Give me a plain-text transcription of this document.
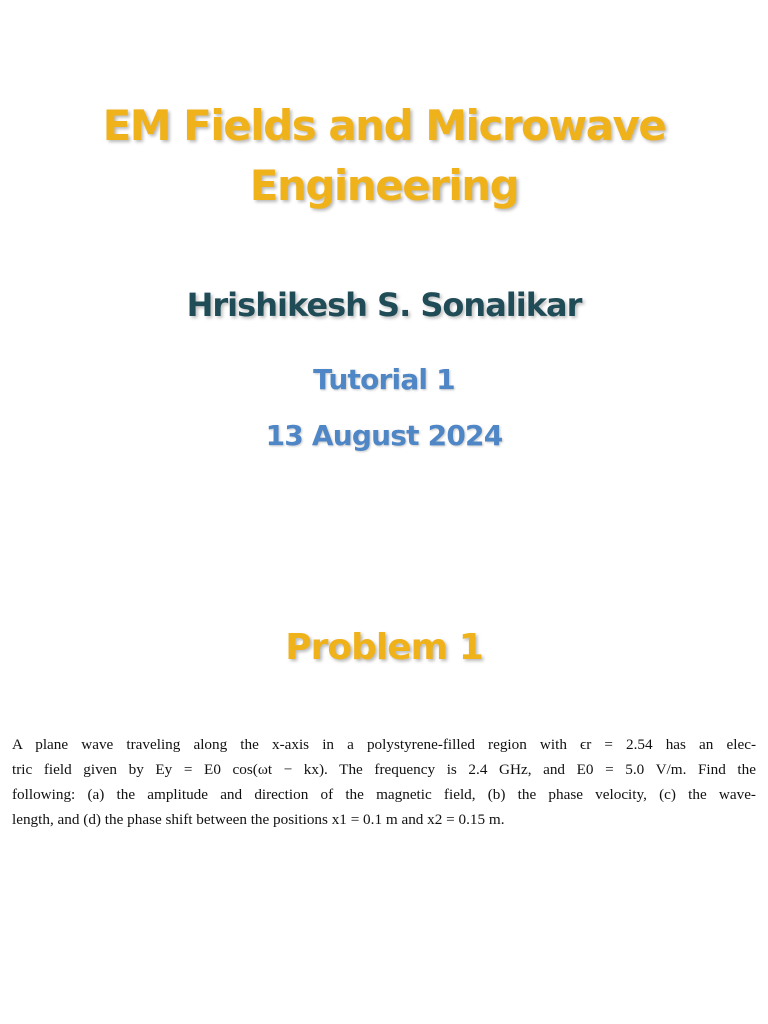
EM Fields and Microwave
Engineering
Hrishikesh S. Sonalikar
Tutorial 1
13 August 2024
Problem 1
A plane wave traveling along the x-axis in a polystyrene-filled region with ϵr = 2.54 has an elec-
tric field given by Ey = E0 cos(ωt − kx). The frequency is 2.4 GHz, and E0 = 5.0 V/m. Find the
following: (a) the amplitude and direction of the magnetic field, (b) the phase velocity, (c) the wave-
length, and (d) the phase shift between the positions x1 = 0.1 m and x2 = 0.15 m.
